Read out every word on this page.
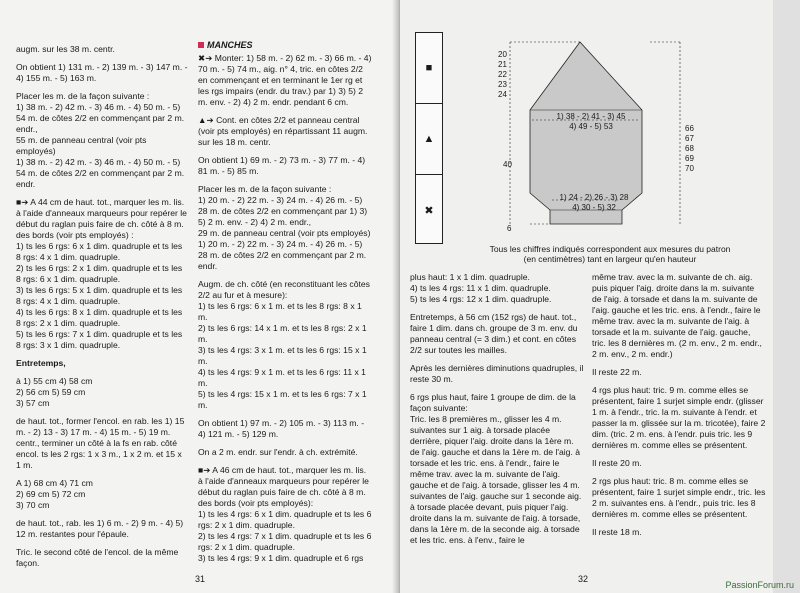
augm. sur les 38 m. centr.

On obtient 1) 131 m. - 2) 139 m. - 3) 147 m. - 4) 155 m. - 5) 163 m.

Placer les m. de la façon suivante :
1) 38 m. - 2) 42 m. - 3) 46 m. - 4) 50 m. - 5) 54 m. de côtes 2/2 en commençant par 2 m. endr.,
55 m. de panneau central (voir pts employés)
1) 38 m. - 2) 42 m. - 3) 46 m. - 4) 50 m. - 5) 54 m. de côtes 2/2 en commençant par 2 m. endr.

■➔ A 44 cm de haut. tot., marquer les m. lis. à l'aide d'anneaux marqueurs pour repérer le début du raglan puis faire de ch. côté à 8 m. des bords (voir pts employés) :
1) ts les 6 rgs: 6 x 1 dim. quadruple et ts les 8 rgs: 4 x 1 dim. quadruple.
2) ts les 6 rgs: 2 x 1 dim. quadruple et ts les 8 rgs: 6 x 1 dim. quadruple.
3) ts les 6 rgs: 5 x 1 dim. quadruple et ts les 8 rgs: 4 x 1 dim. quadruple.
4) ts les 6 rgs: 8 x 1 dim. quadruple et ts les 8 rgs: 2 x 1 dim. quadruple.
5) ts les 6 rgs: 7 x 1 dim. quadruple et ts les 8 rgs: 3 x 1 dim. quadruple.

Entretemps,

à 1) 55 cm 4) 58 cm
2) 56 cm 5) 59 cm
3) 57 cm

de haut. tot., former l'encol. en rab. les 1) 15 m. - 2) 13 - 3) 17 m. - 4) 15 m. - 5) 19 m. centr., terminer un côté à la fs en rab. côté encol. ts les 2 rgs: 1 x 3 m., 1 x 2 m. et 15 x 1 m.

A 1) 68 cm 4) 71 cm
2) 69 cm 5) 72 cm
3) 70 cm

de haut. tot., rab. les 1) 6 m. - 2) 9 m. - 4) 5) 12 m. restantes pour l'épaule.

Tric. le second côté de l'encol. de la même façon.

MANCHES

✖➔ Monter: 1) 58 m. - 2) 62 m. - 3) 66 m. - 4) 70 m. - 5) 74 m., aig. n° 4, tric. en côtes 2/2 en commençant et en terminant le 1er rg et les rgs impairs (endr. du trav.) par 1) 3) 5) 2 m. env. - 2) 4) 2 m. endr. pendant 6 cm.

▲➔ Cont. en côtes 2/2 et panneau central (voir pts employés) en répartissant 11 augm. sur les 18 m. centr.

On obtient 1) 69 m. - 2) 73 m. - 3) 77 m. - 4) 81 m. - 5) 85 m.

Placer les m. de la façon suivante :
1) 20 m. - 2) 22 m. - 3) 24 m. - 4) 26 m. - 5) 28 m. de côtes 2/2 en commençant par 1) 3) 5) 2 m. env. - 2) 4) 2 m. endr.,
29 m. de panneau central (voir pts employés)
1) 20 m. - 2) 22 m. - 3) 24 m. - 4) 26 m. - 5) 28 m. de côtes 2/2 en commençant par 2 m. endr.

Augm. de ch. côté (en reconstituant les côtes 2/2 au fur et à mesure):
1) ts les 6 rgs: 6 x 1 m. et ts les 8 rgs: 8 x 1 m.
2) ts les 6 rgs: 14 x 1 m. et ts les 8 rgs: 2 x 1 m.
3) ts les 4 rgs: 3 x 1 m. et ts les 6 rgs: 15 x 1 m.
4) ts les 4 rgs: 9 x 1 m. et ts les 6 rgs: 11 x 1 m.
5) ts les 4 rgs: 15 x 1 m. et ts les 6 rgs: 7 x 1 m.

On obtient 1) 97 m. - 2) 105 m. - 3) 113 m. - 4) 121 m. - 5) 129 m.

On a 2 m. endr. sur l'endr. à ch. extrémité.

■➔ A 46 cm de haut. tot., marquer les m. lis. à l'aide d'anneaux marqueurs pour repérer le début du raglan puis faire de ch. côté à 8 m. des bords (voir pts employés):
1) ts les 4 rgs: 6 x 1 dim. quadruple et ts les 6 rgs: 2 x 1 dim. quadruple.
2) ts les 4 rgs: 7 x 1 dim. quadruple et ts les 6 rgs: 2 x 1 dim. quadruple.
3) ts les 4 rgs: 9 x 1 dim. quadruple et 6 rgs

31
■
▲
✖
20
21
22
23
24
1) 38 - 2) 41 - 3) 45
4) 49 - 5) 53
1) 24 - 2) 26 - 3) 28
4) 30 - 5) 32
40
6
66
67
68
69
70
Tous les chiffres indiqués correspondent aux mesures du patron
(en centimètres) tant en largeur qu'en hauteur

plus haut: 1 x 1 dim. quadruple.
4) ts les 4 rgs: 11 x 1 dim. quadruple.
5) ts les 4 rgs: 12 x 1 dim. quadruple.

Entretemps, à 56 cm (152 rgs) de haut. tot., faire 1 dim. dans ch. groupe de 3 m. env. du panneau central (= 3 dim.) et cont. en côtes 2/2 sur toutes les mailles.

Après les dernières diminutions quadruples, il reste 30 m.

6 rgs plus haut, faire 1 groupe de dim. de la façon suivante:
Tric. les 8 premières m., glisser les 4 m. suivantes sur 1 aig. à torsade placée derrière, piquer l'aig. droite dans la 1ère m. de l'aig. gauche et dans la 1ère m. de l'aig. à torsade et les tric. ens. à l'endr., faire le même trav. avec la m. suivante de l'aig. gauche et de l'aig. à torsade, glisser les 4 m. suivantes de l'aig. gauche sur 1 seconde aig. à torsade placée devant, puis piquer l'aig. droite dans la m. suivante de l'aig. à torsade, dans la 1ère m. de la seconde aig. à torsade et les tric. ens. à l'env., faire le

même trav. avec la m. suivante de ch. aig. puis piquer l'aig. droite dans la m. suivante de l'aig. à torsade et dans la m. suivante de l'aig. gauche et les tric. ens. à l'endr., faire le même trav. avec la m. suivante de l'aig. à torsade et la m. suivante de l'aig. gauche, tric. les 8 dernières m. (2 m. env., 2 m. endr., 2 m. env., 2 m. endr.)

Il reste 22 m.

4 rgs plus haut: tric. 9 m. comme elles se présentent, faire 1 surjet simple endr. (glisser 1 m. à l'endr., tric. la m. suivante à l'endr. et passer la m. glissée sur la m. tricotée), faire 2 dim. (tric. 2 m. ens. à l'endr. puis tric. les 9 dernières m. comme elles se présentent.

Il reste 20 m.

2 rgs plus haut: tric. 8 m. comme elles se présentent, faire 1 surjet simple endr., tric. les 2 m. suivantes ens. à l'endr., puis tric. les 8 dernières m. comme elles se présentent.

Il reste 18 m.

32
PassionForum.ru
